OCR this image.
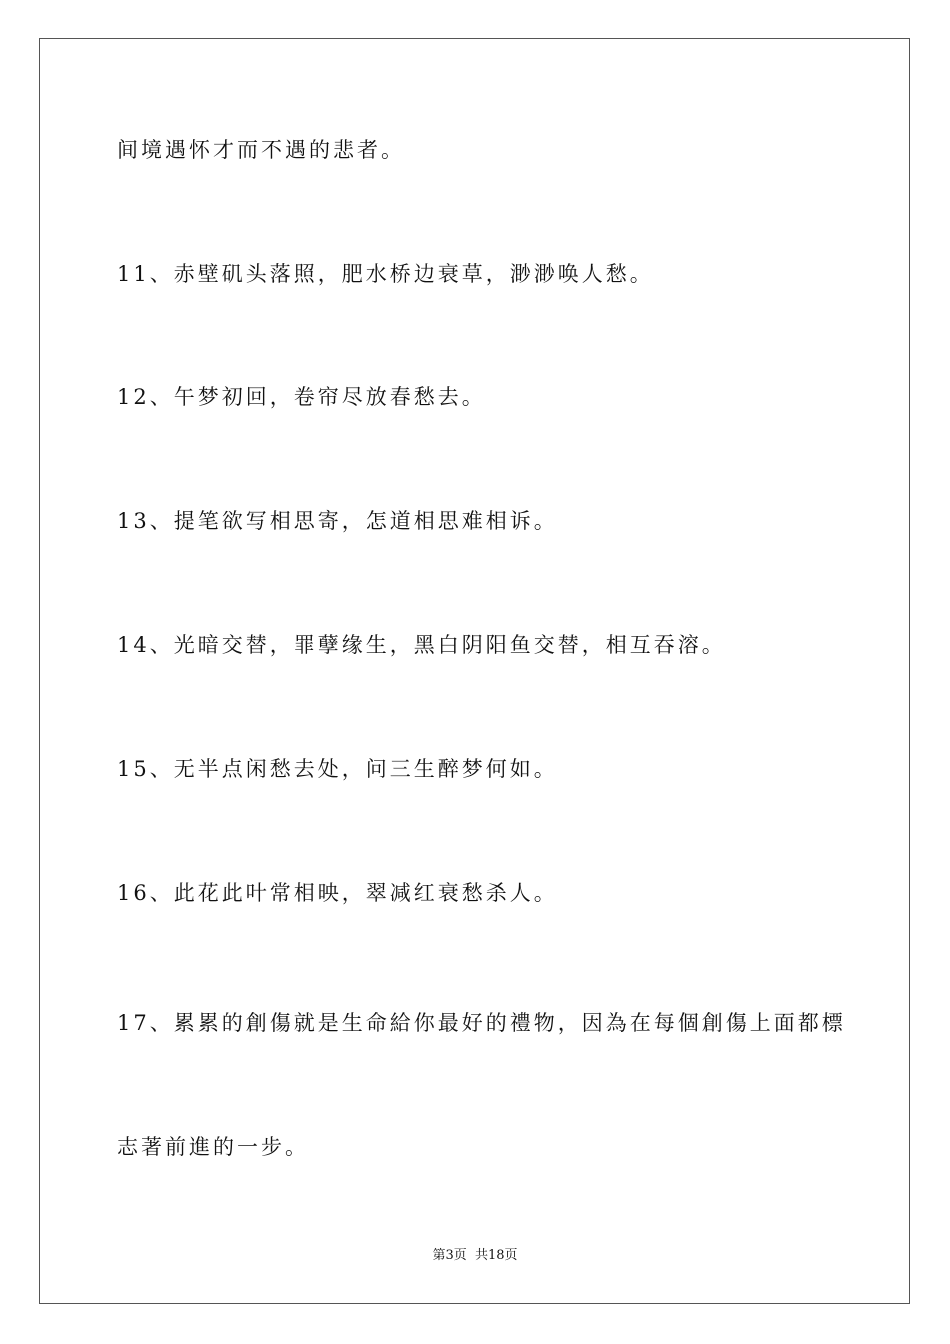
间境遇怀才而不遇的悲者。
11、赤壁矶头落照，肥水桥边衰草，渺渺唤人愁。
12、午梦初回，卷帘尽放春愁去。
13、提笔欲写相思寄，怎道相思难相诉。
14、光暗交替，罪孽缘生，黑白阴阳鱼交替，相互吞溶。
15、无半点闲愁去处，问三生醉梦何如。
16、此花此叶常相映，翠减红衰愁杀人。
17、累累的創傷就是生命給你最好的禮物，因為在每個創傷上面都標
志著前進的一步。
第3页 共18页
